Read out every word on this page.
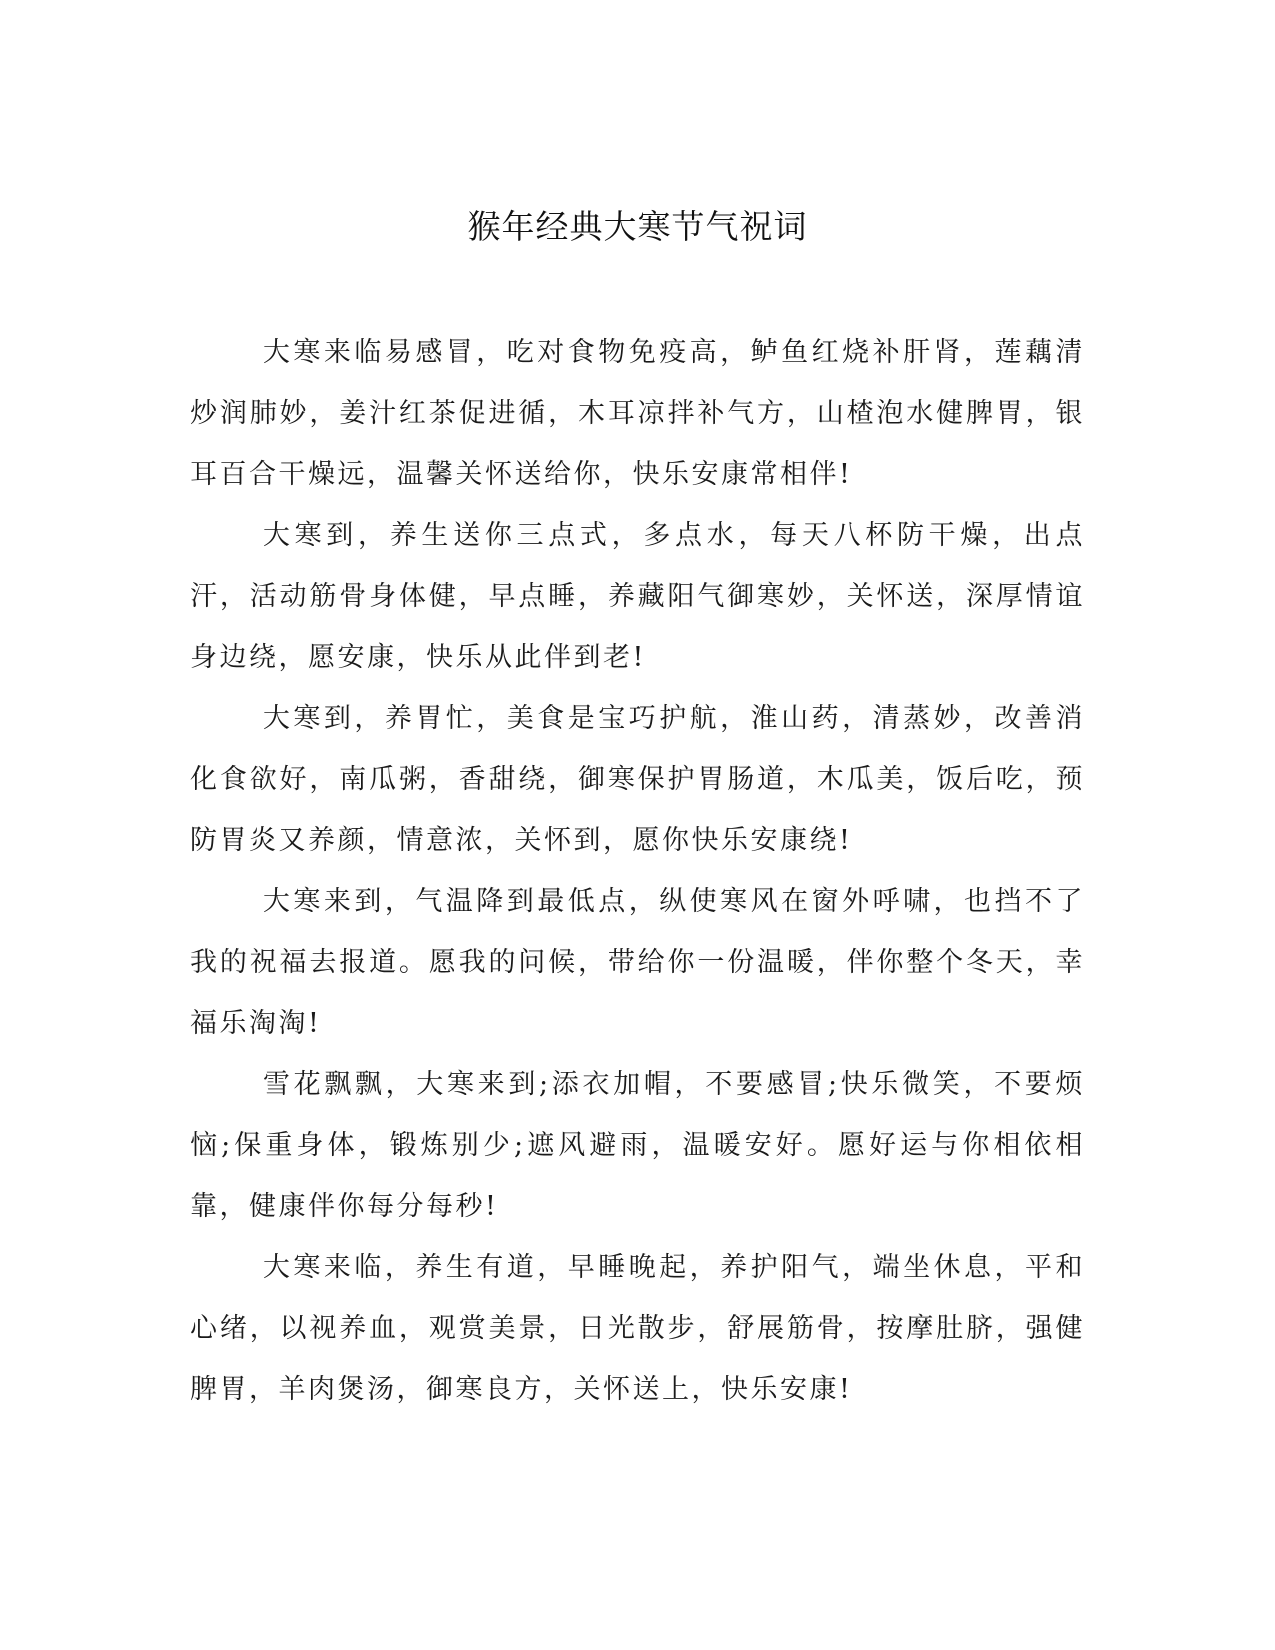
猴年经典大寒节气祝词

大寒来临易感冒，吃对食物免疫高，鲈鱼红烧补肝肾，莲藕清炒润肺妙，姜汁红茶促进循，木耳凉拌补气方，山楂泡水健脾胃，银耳百合干燥远，温馨关怀送给你，快乐安康常相伴!

大寒到，养生送你三点式，多点水，每天八杯防干燥，出点汗，活动筋骨身体健，早点睡，养藏阳气御寒妙，关怀送，深厚情谊身边绕，愿安康，快乐从此伴到老!

大寒到，养胃忙，美食是宝巧护航，淮山药，清蒸妙，改善消化食欲好，南瓜粥，香甜绕，御寒保护胃肠道，木瓜美，饭后吃，预防胃炎又养颜，情意浓，关怀到，愿你快乐安康绕!

大寒来到，气温降到最低点，纵使寒风在窗外呼啸，也挡不了我的祝福去报道。愿我的问候，带给你一份温暖，伴你整个冬天，幸福乐淘淘!

雪花飘飘，大寒来到;添衣加帽，不要感冒;快乐微笑，不要烦恼;保重身体，锻炼别少;遮风避雨，温暖安好。愿好运与你相依相靠，健康伴你每分每秒!

大寒来临，养生有道，早睡晚起，养护阳气，端坐休息，平和心绪，以视养血，观赏美景，日光散步，舒展筋骨，按摩肚脐，强健脾胃，羊肉煲汤，御寒良方，关怀送上，快乐安康!
